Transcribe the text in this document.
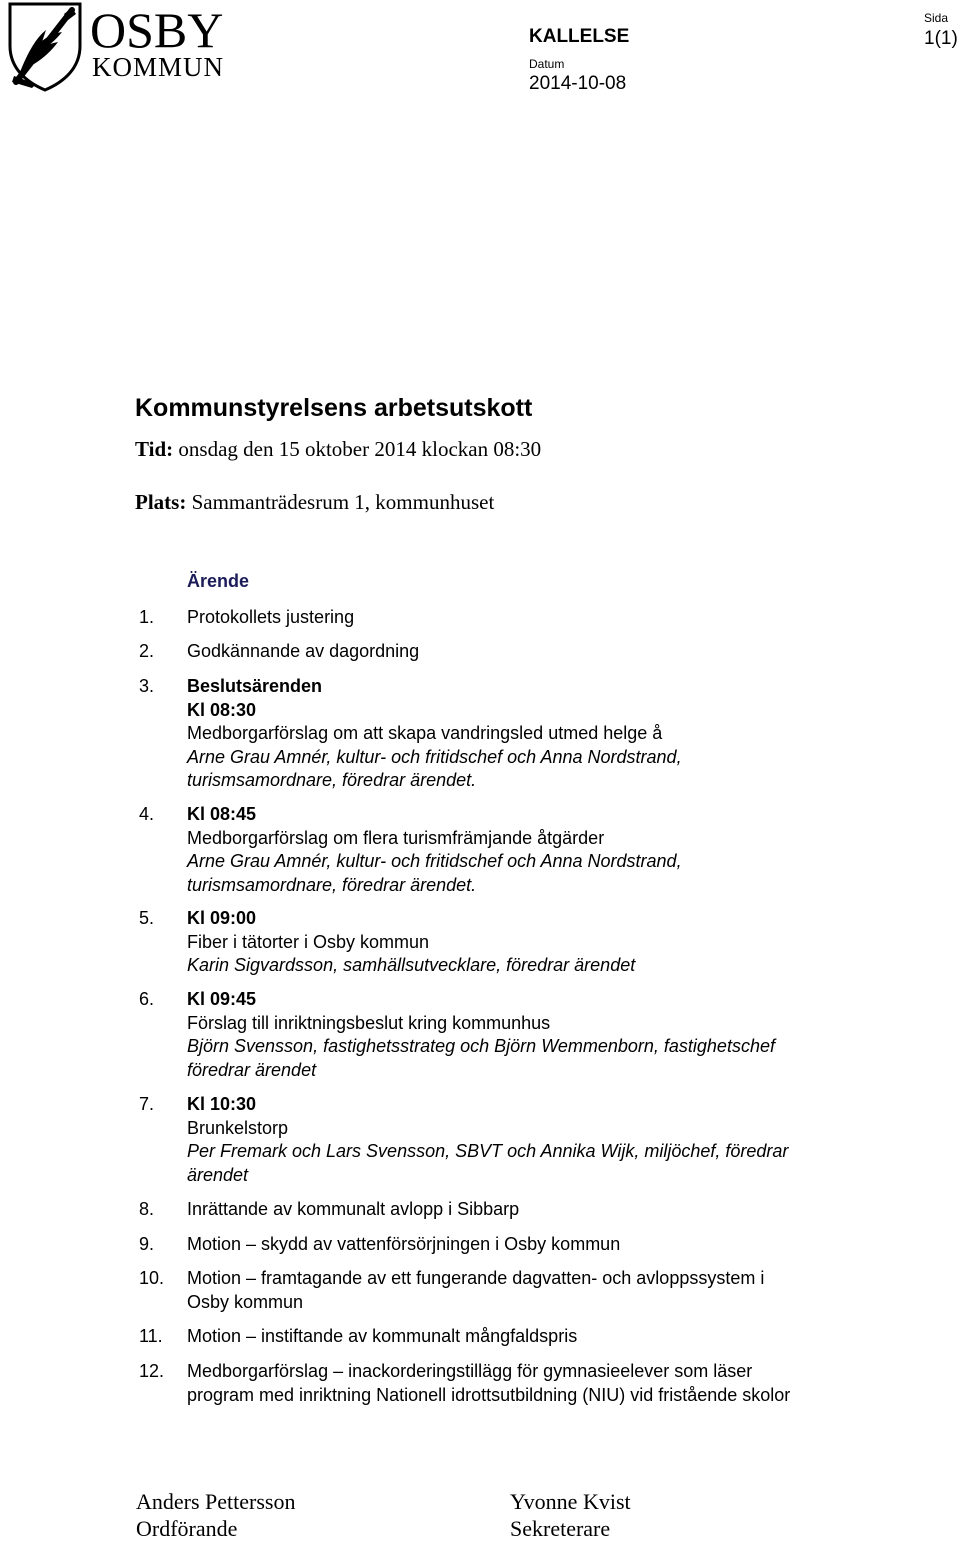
OSBY
KOMMUN
KALLELSE
Datum
2014-10-08
Sida
1(1)
Kommunstyrelsens arbetsutskott
Tid: onsdag den 15 oktober 2014 klockan 08:30
Plats: Sammanträdesrum 1, kommunhuset
Ärende
1.	Protokollets justering
2.	Godkännande av dagordning
3.	Beslutsärenden
Kl 08:30
Medborgarförslag om att skapa vandringsled utmed helge å
Arne Grau Amnér, kultur- och fritidschef och Anna Nordstrand,
turismsamordnare, föredrar ärendet.
4.	Kl 08:45
Medborgarförslag om flera turismfrämjande åtgärder
Arne Grau Amnér, kultur- och fritidschef och Anna Nordstrand,
turismsamordnare, föredrar ärendet.
5.	Kl 09:00
Fiber i tätorter i Osby kommun
Karin Sigvardsson, samhällsutvecklare, föredrar ärendet
6.	Kl 09:45
Förslag till inriktningsbeslut kring kommunhus
Björn Svensson, fastighetsstrateg och Björn Wemmenborn, fastighetschef
föredrar ärendet
7.	Kl 10:30
Brunkelstorp
Per Fremark och Lars Svensson, SBVT och Annika Wijk, miljöchef, föredrar
ärendet
8.	Inrättande av kommunalt avlopp i Sibbarp
9.	Motion – skydd av vattenförsörjningen i Osby kommun
10.	Motion – framtagande av ett fungerande dagvatten- och avloppssystem i
Osby kommun
11.	Motion – instiftande av kommunalt mångfaldspris
12.	Medborgarförslag – inackorderingstillägg för gymnasieelever som läser
program med inriktning Nationell idrottsutbildning (NIU) vid fristående skolor
Anders Pettersson
Ordförande
Yvonne Kvist
Sekreterare
